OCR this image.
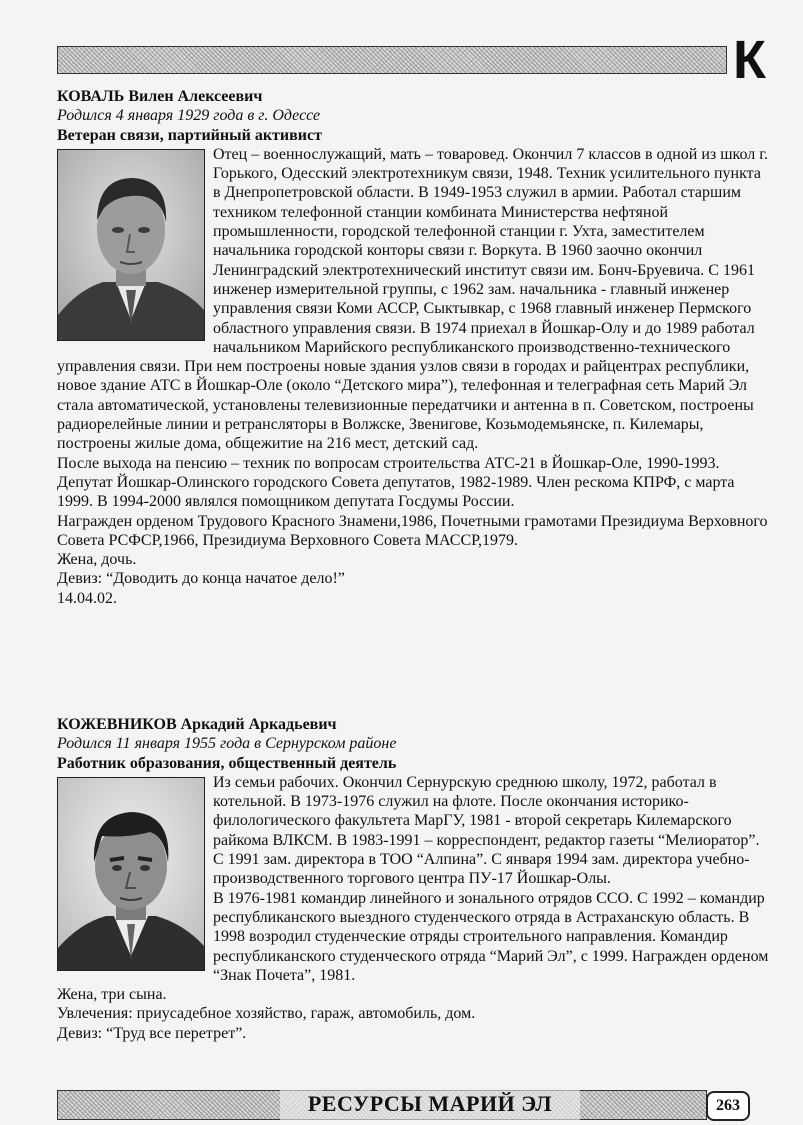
К
КОВАЛЬ Вилен Алексеевич
Родился 4 января 1929 года в г. Одессе
Ветеран связи, партийный активист

Отец – военнослужащий, мать – товаровед. Окончил 7 классов в одной из школ г. Горького, Одесский электротехникум связи, 1948. Техник усилительного пункта в Днепропетровской области. В 1949-1953 служил в армии. Работал старшим техником телефонной станции комбината Министерства нефтяной промышленности, городской телефонной станции г. Ухта, заместителем начальника городской конторы связи г. Воркута. В 1960 заочно окончил Ленинградский электротехнический институт связи им. Бонч-Бруевича. С 1961 инженер измерительной группы, с 1962 зам. начальника - главный инженер управления связи Коми АССР, Сыктывкар, с 1968 главный инженер Пермского областного управления связи. В 1974 приехал в Йошкар-Олу и до 1989 работал начальником Марийского республиканского производственно-технического управления связи. При нем построены новые здания узлов связи в городах и райцентрах республики, новое здание АТС в Йошкар-Оле (около “Детского мира”), телефонная и телеграфная сеть Марий Эл стала автоматической, установлены телевизионные передатчики и антенна в п. Советском, построены радиорелейные линии и ретрансляторы в Волжске, Звенигове, Козьмодемьянске, п. Килемары, построены жилые дома, общежитие на 216 мест, детский сад.

После выхода на пенсию – техник по вопросам строительства АТС-21 в Йошкар-Оле, 1990-1993.

Депутат Йошкар-Олинского городского Совета депутатов, 1982-1989. Член рескома КПРФ, с марта 1999. В 1994-2000 являлся помощником депутата Госдумы России.

Награжден орденом Трудового Красного Знамени,1986, Почетными грамотами Президиума Верховного Совета РСФСР,1966, Президиума Верховного Совета МАССР,1979.

Жена, дочь.

Девиз: “Доводить до конца начатое дело!”

14.04.02.

КОЖЕВНИКОВ Аркадий Аркадьевич
Родился 11 января 1955 года в Сернурском районе
Работник образования, общественный деятель

Из семьи рабочих. Окончил Сернурскую среднюю школу, 1972, работал в котельной. В 1973-1976 служил на флоте. После окончания историко-филологического факультета МарГУ, 1981 - второй секретарь Килемарского райкома ВЛКСМ. В 1983-1991 – корреспондент, редактор газеты “Мелиоратор”. С 1991 зам. директора в ТОО “Алпина”. С января 1994 зам. директора учебно-производственного торгового центра ПУ-17 Йошкар-Олы.

В 1976-1981 командир линейного и зонального отрядов ССО. С 1992 – командир республиканского выездного студенческого отряда в Астраханскую область. В 1998 возродил студенческие отряды строительного направления. Командир республиканского студенческого отряда “Марий Эл”, с 1999. Награжден орденом “Знак Почета”, 1981.

Жена, три сына.

Увлечения: приусадебное хозяйство, гараж, автомобиль, дом.

Девиз: “Труд все перетрет”.

РЕСУРСЫ МАРИЙ ЭЛ	263
